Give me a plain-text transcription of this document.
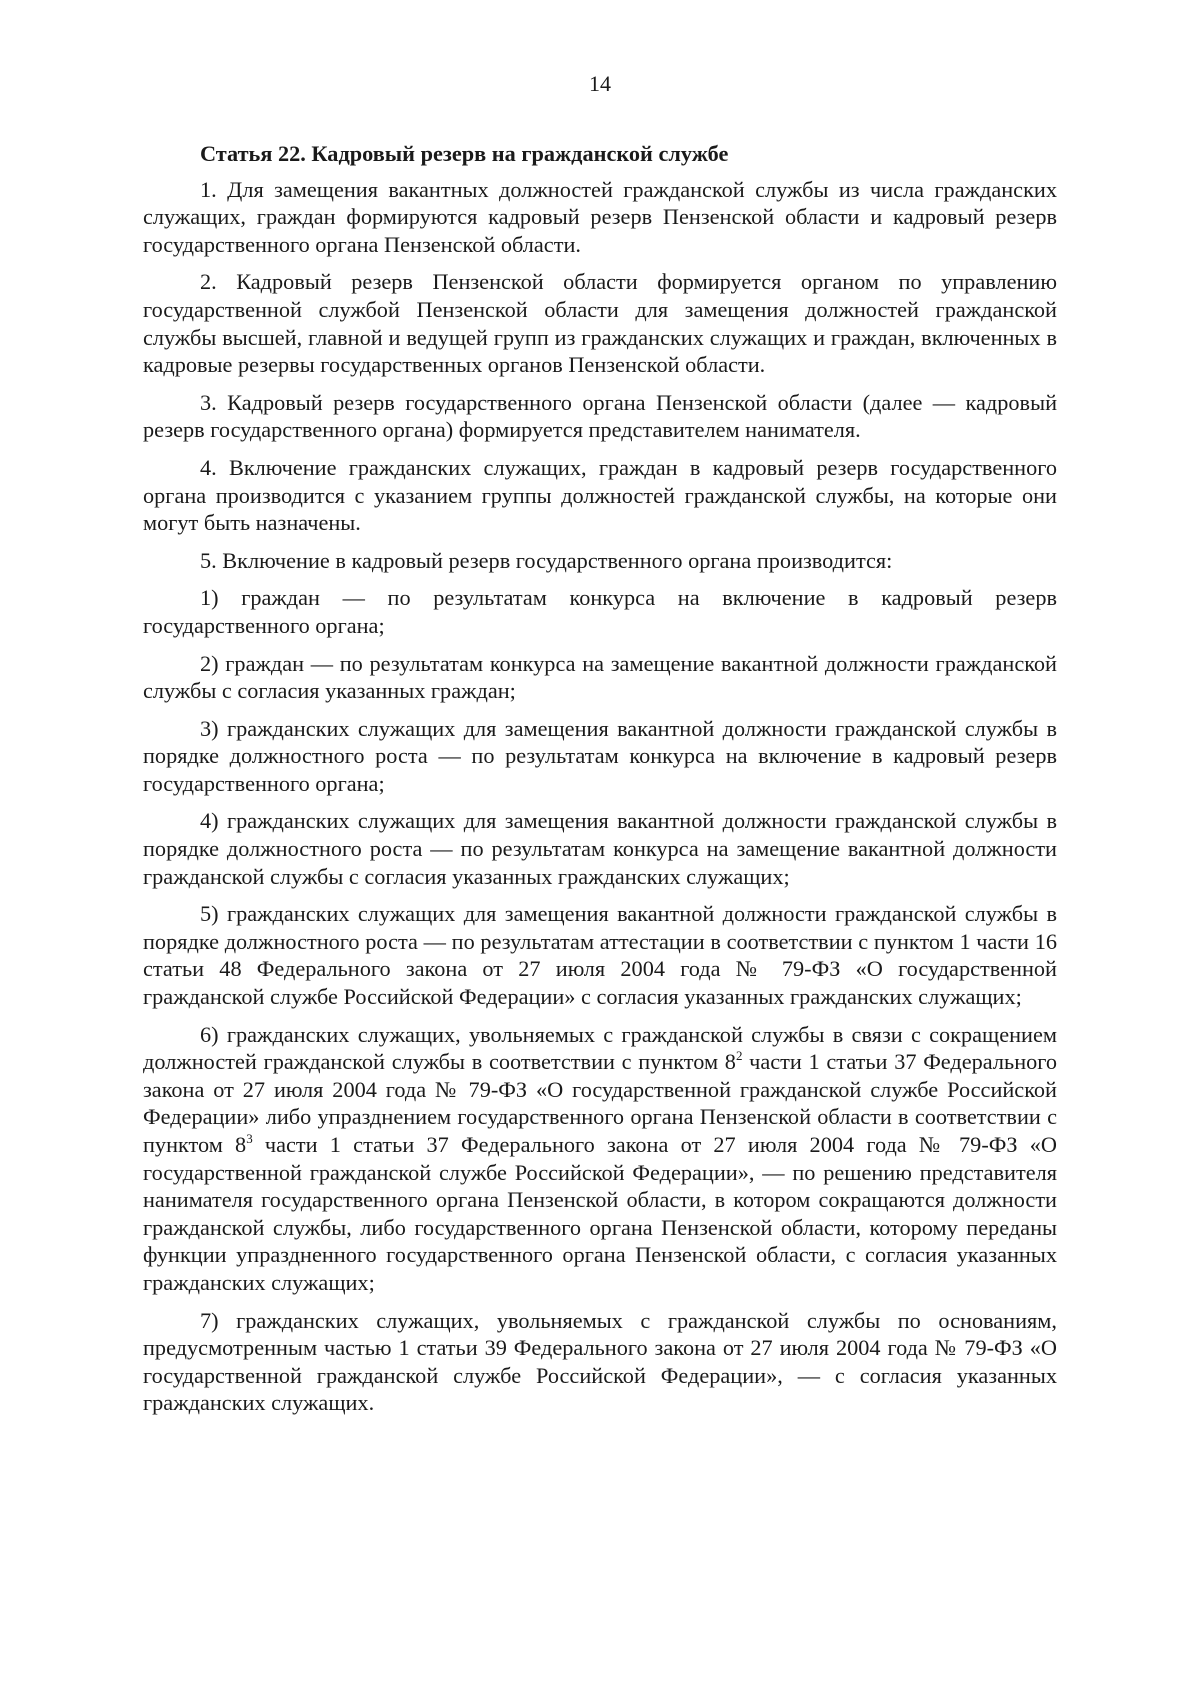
14
Статья 22. Кадровый резерв на гражданской службе

1. Для замещения вакантных должностей гражданской службы из числа гражданских служащих, граждан формируются кадровый резерв Пензенской области и кадровый резерв государственного органа Пензенской области.

2. Кадровый резерв Пензенской области формируется органом по управлению государственной службой Пензенской области для замещения должностей гражданской службы высшей, главной и ведущей групп из гражданских служащих и граждан, включенных в кадровые резервы государственных органов Пензенской области.

3. Кадровый резерв государственного органа Пензенской области (далее — кадровый резерв государственного органа) формируется представителем нанимателя.

4. Включение гражданских служащих, граждан в кадровый резерв государственного органа производится с указанием группы должностей гражданской службы, на которые они могут быть назначены.

5. Включение в кадровый резерв государственного органа производится:

1) граждан — по результатам конкурса на включение в кадровый резерв государственного органа;

2) граждан — по результатам конкурса на замещение вакантной должности гражданской службы с согласия указанных граждан;

3) гражданских служащих для замещения вакантной должности гражданской службы в порядке должностного роста — по результатам конкурса на включение в кадровый резерв государственного органа;

4) гражданских служащих для замещения вакантной должности гражданской службы в порядке должностного роста — по результатам конкурса на замещение вакантной должности гражданской службы с согласия указанных гражданских служащих;

5) гражданских служащих для замещения вакантной должности гражданской службы в порядке должностного роста — по результатам аттестации в соответствии с пунктом 1 части 16 статьи 48 Федерального закона от 27 июля 2004 года № 79-ФЗ «О государственной гражданской службе Российской Федерации» с согласия указанных гражданских служащих;

6) гражданских служащих, увольняемых с гражданской службы в связи с сокращением должностей гражданской службы в соответствии с пунктом $8^2$ части 1 статьи 37 Федерального закона от 27 июля 2004 года № 79-ФЗ «О государственной гражданской службе Российской Федерации» либо упразднением государственного органа Пензенской области в соответствии с пунктом $8^3$ части 1 статьи 37 Федерального закона от 27 июля 2004 года № 79-ФЗ «О государственной гражданской службе Российской Федерации», — по решению представителя нанимателя государственного органа Пензенской области, в котором сокращаются должности гражданской службы, либо государственного органа Пензенской области, которому переданы функции упраздненного государственного органа Пензенской области, с согласия указанных гражданских служащих;

7) гражданских служащих, увольняемых с гражданской службы по основаниям, предусмотренным частью 1 статьи 39 Федерального закона от 27 июля 2004 года № 79-ФЗ «О государственной гражданской службе Российской Федерации», — с согласия указанных гражданских служащих.
